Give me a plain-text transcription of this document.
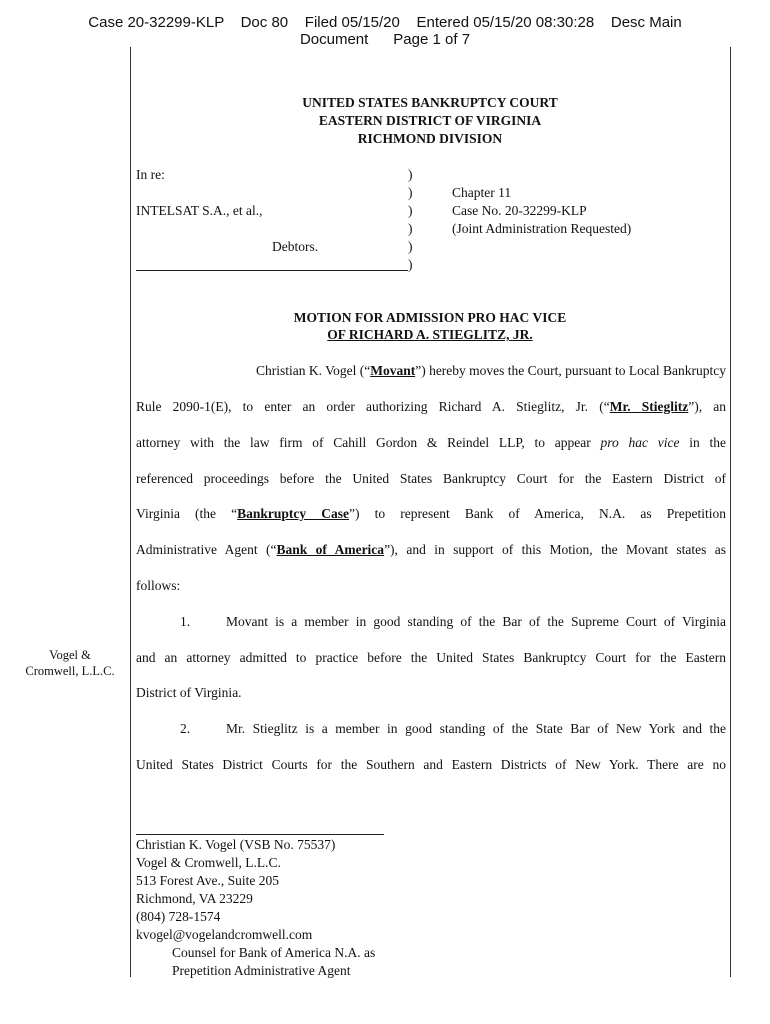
Case 20-32299-KLP    Doc 80    Filed 05/15/20    Entered 05/15/20 08:30:28    Desc Main
Document      Page 1 of 7
UNITED STATES BANKRUPTCY COURT
EASTERN DISTRICT OF VIRGINIA
RICHMOND DIVISION
In re:
INTELSAT S.A., et al.,
Debtors.
)
)
)
)
)
)
Chapter 11
Case No. 20-32299-KLP
(Joint Administration Requested)
MOTION FOR ADMISSION PRO HAC VICE
OF RICHARD A. STIEGLITZ, JR.
Christian K. Vogel (“Movant”) hereby moves the Court, pursuant to Local Bankruptcy
Rule 2090-1(E), to enter an order authorizing Richard A. Stieglitz, Jr. (“Mr. Stieglitz”), an
attorney with the law firm of Cahill Gordon & Reindel LLP, to appear pro hac vice in the
referenced proceedings before the United States Bankruptcy Court for the Eastern District of
Virginia (the “Bankruptcy Case”) to represent Bank of America, N.A. as Prepetition
Administrative Agent (“Bank of America”), and in support of this Motion, the Movant states as
follows:
1.	Movant is a member in good standing of the Bar of the Supreme Court of Virginia
and an attorney admitted to practice before the United States Bankruptcy Court for the Eastern
District of Virginia.
2.	Mr. Stieglitz is a member in good standing of the State Bar of New York and the
United States District Courts for the Southern and Eastern Districts of New York. There are no
Vogel &
Cromwell, L.L.C.
Christian K. Vogel (VSB No. 75537)
Vogel & Cromwell, L.L.C.
513 Forest Ave., Suite 205
Richmond, VA 23229
(804) 728-1574
kvogel@vogelandcromwell.com
Counsel for Bank of America N.A. as
Prepetition Administrative Agent
